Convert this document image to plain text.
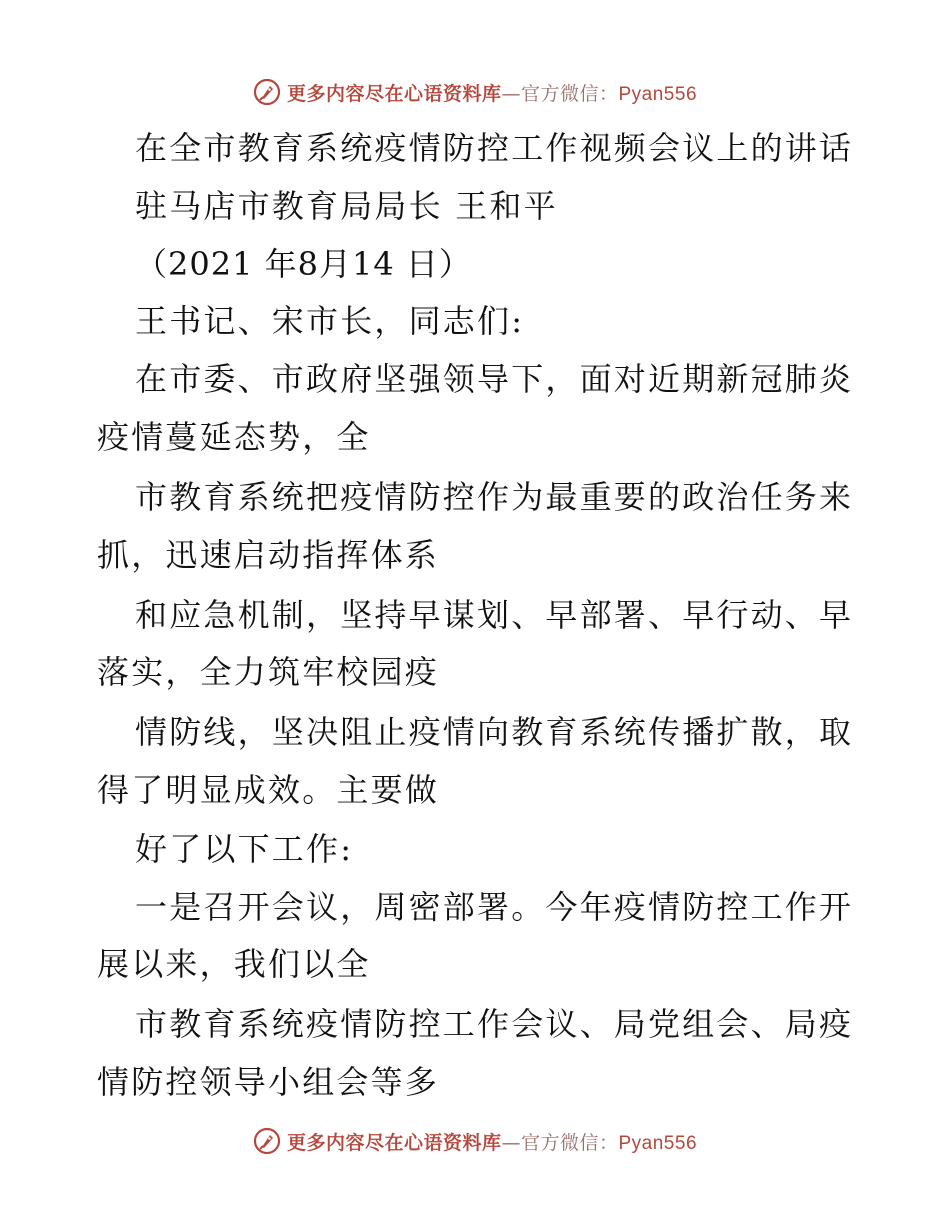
更多内容尽在心语资料库—官方微信：Pyan556
在全市教育系统疫情防控工作视频会议上的讲话
驻马店市教育局局长 王和平
（2021 年8月14 日）
王书记、宋市长，同志们:
在市委、市政府坚强领导下，面对近期新冠肺炎
疫情蔓延态势，全
市教育系统把疫情防控作为最重要的政治任务来
抓，迅速启动指挥体系
和应急机制，坚持早谋划、早部署、早行动、早
落实，全力筑牢校园疫
情防线，坚决阻止疫情向教育系统传播扩散，取
得了明显成效。主要做
好了以下工作:
一是召开会议，周密部署。今年疫情防控工作开
展以来，我们以全
市教育系统疫情防控工作会议、局党组会、局疫
情防控领导小组会等多
更多内容尽在心语资料库—官方微信：Pyan556
